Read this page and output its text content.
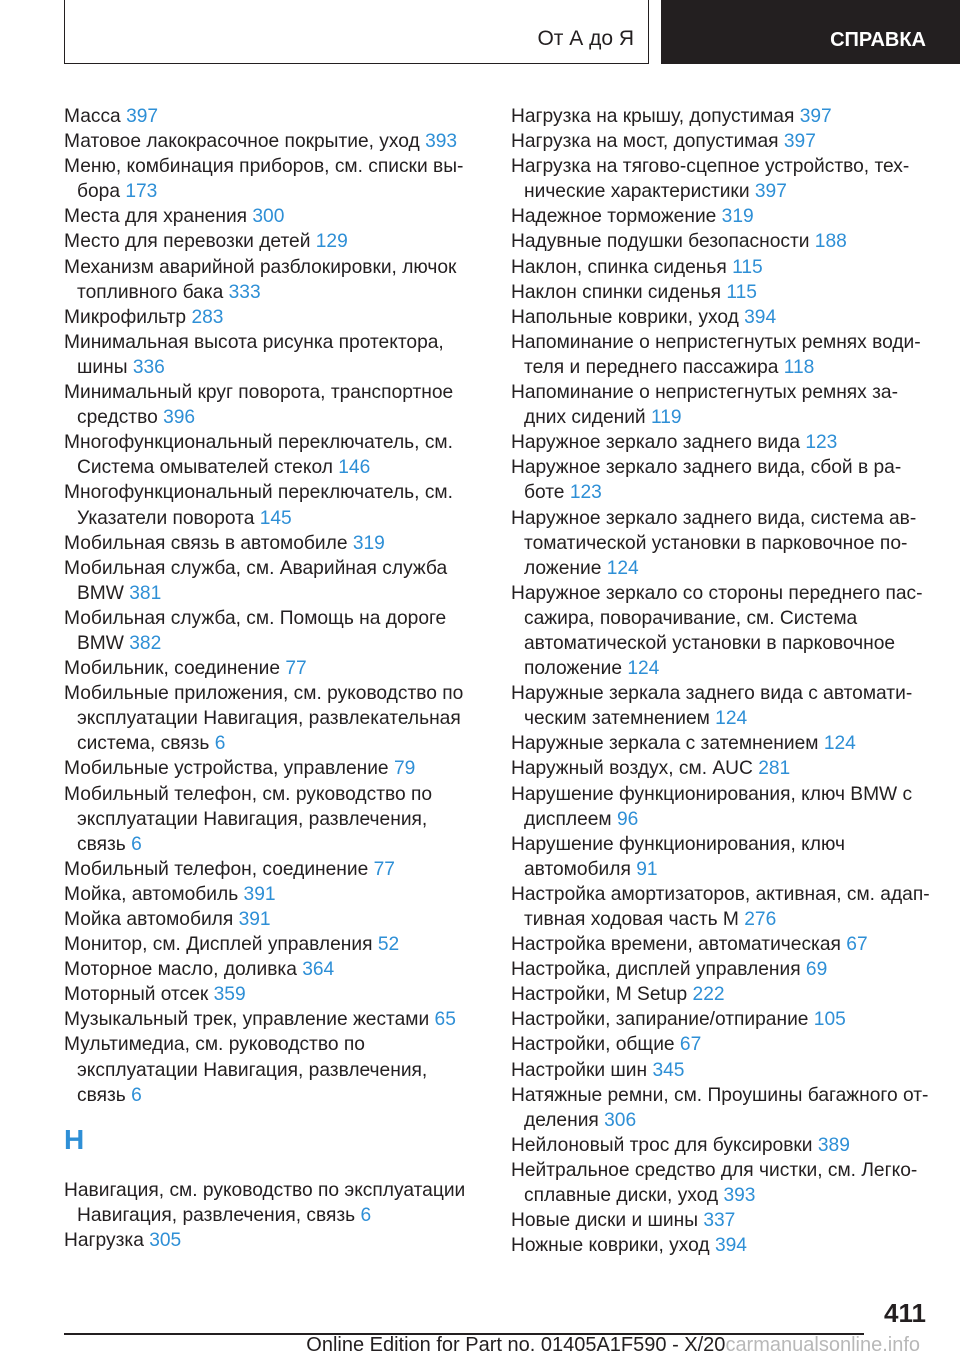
От А до Я	СПРАВКА
Масса 397
Матовое лакокрасочное покрытие, уход 393
Меню, комбинация приборов, см. списки выбора 173
Места для хранения 300
Место для перевозки детей 129
Механизм аварийной разблокировки, лючок топливного бака 333
Микрофильтр 283
Минимальная высота рисунка протектора, шины 336
Минимальный круг поворота, транспортное средство 396
Многофункциональный переключатель, см. Система омывателей стекол 146
Многофункциональный переключатель, см. Указатели поворота 145
Мобильная связь в автомобиле 319
Мобильная служба, см. Аварийная служба BMW 381
Мобильная служба, см. Помощь на дороге BMW 382
Мобильник, соединение 77
Мобильные приложения, см. руководство по эксплуатации Навигация, развлекательная система, связь 6
Мобильные устройства, управление 79
Мобильный телефон, см. руководство по эксплуатации Навигация, развлечения, связь 6
Мобильный телефон, соединение 77
Мойка, автомобиль 391
Мойка автомобиля 391
Монитор, см. Дисплей управления 52
Моторное масло, доливка 364
Моторный отсек 359
Музыкальный трек, управление жестами 65
Мультимедиа, см. руководство по эксплуатации Навигация, развлечения, связь 6
Н
Навигация, см. руководство по эксплуатации Навигация, развлечения, связь 6
Нагрузка 305
Нагрузка на крышу, допустимая 397
Нагрузка на мост, допустимая 397
Нагрузка на тягово-сцепное устройство, технические характеристики 397
Надежное торможение 319
Надувные подушки безопасности 188
Наклон, спинка сиденья 115
Наклон спинки сиденья 115
Напольные коврики, уход 394
Напоминание о непристегнутых ремнях водителя и переднего пассажира 118
Напоминание о непристегнутых ремнях задних сидений 119
Наружное зеркало заднего вида 123
Наружное зеркало заднего вида, сбой в работе 123
Наружное зеркало заднего вида, система автоматической установки в парковочное положение 124
Наружное зеркало со стороны переднего пассажира, поворачивание, см. Система автоматической установки в парковочное положение 124
Наружные зеркала заднего вида с автоматическим затемнением 124
Наружные зеркала с затемнением 124
Наружный воздух, см. AUC 281
Нарушение функционирования, ключ BMW с дисплеем 96
Нарушение функционирования, ключ автомобиля 91
Настройка амортизаторов, активная, см. адаптивная ходовая часть M 276
Настройка времени, автоматическая 67
Настройка, дисплей управления 69
Настройки, M Setup 222
Настройки, запирание/отпирание 105
Настройки, общие 67
Настройки шин 345
Натяжные ремни, см. Проушины багажного отделения 306
Нейлоновый трос для буксировки 389
Нейтральное средство для чистки, см. Легкосплавные диски, уход 393
Новые диски и шины 337
Ножные коврики, уход 394
411
Online Edition for Part no. 01405A1F590 - X/20carmanualsonline.info
